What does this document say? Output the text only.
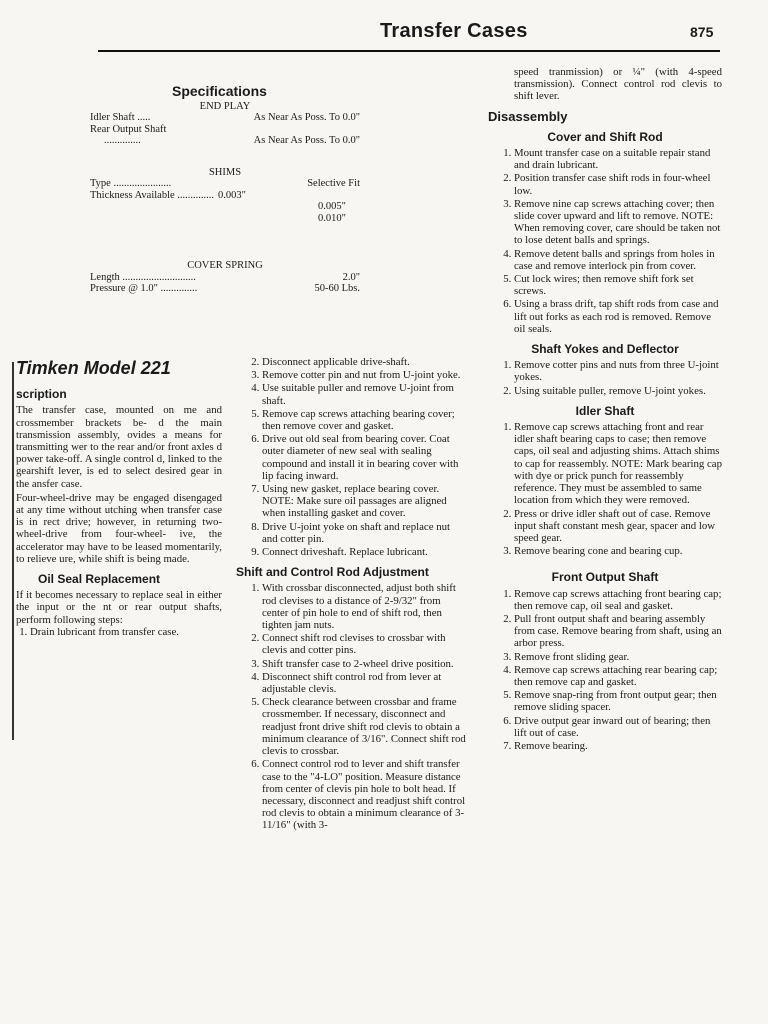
Transfer Cases	875
Specifications

END PLAY

Idler Shaft .....	As Near As Poss. To 0.0"
Rear Output Shaft
..............	As Near As Poss. To 0.0"

SHIMS

Type ......................	Selective Fit
Thickness Available .............. 0.003"
0.005"
0.010"

COVER SPRING

Length ............................	2.0"
Pressure @ 1.0" ..............	50-60 Lbs.

Timken Model 221

scription

The transfer case, mounted on me and crossmember brackets be- d the main transmission assembly, ovides a means for transmitting wer to the rear and/or front axles d power take-off. A single control d, linked to the gearshift lever, is ed to select desired gear in the ansfer case.

Four-wheel-drive may be engaged disengaged at any time without utching when transfer case is in rect drive; however, in returning two-wheel-drive from four-wheel- ive, the accelerator may have to be leased momentarily, to relieve ure, while shift is being made.

Oil Seal Replacement

If it becomes necessary to replace seal in either the input or the nt or rear output shafts, perform following steps:

1. Drain lubricant from transfer case.
2. Disconnect applicable drive-shaft.
3. Remove cotter pin and nut from U-joint yoke.
4. Use suitable puller and remove U-joint from shaft.
5. Remove cap screws attaching bearing cover; then remove cover and gasket.
6. Drive out old seal from bearing cover. Coat outer diameter of new seal with sealing compound and install it in bearing cover with lip facing inward.
7. Using new gasket, replace bearing cover. NOTE: Make sure oil passages are aligned when installing gasket and cover.
8. Drive U-joint yoke on shaft and replace nut and cotter pin.
9. Connect driveshaft. Replace lubricant.
Shift and Control Rod Adjustment
1. With crossbar disconnected, adjust both shift rod clevises to a distance of 2-9/32" from center of pin hole to end of shift rod, then tighten jam nuts.
2. Connect shift rod clevises to crossbar with clevis and cotter pins.
3. Shift transfer case to 2-wheel drive position.
4. Disconnect shift control rod from lever at adjustable clevis.
5. Check clearance between crossbar and frame crossmember. If necessary, disconnect and readjust front drive shift rod clevis to obtain a minimum clearance of 3/16". Connect shift rod clevis to crossbar.
6. Connect control rod to lever and shift transfer case to the "4-LO" position. Measure distance from center of clevis pin hole to bolt head. If necessary, disconnect and readjust shift control rod clevis to obtain a minimum clearance of 3-11/16" (with 3-

speed tranmission) or ¼" (with 4-speed transmission). Connect control rod clevis to shift lever.

Disassembly
Cover and Shift Rod
1. Mount transfer case on a suitable repair stand and drain lubricant.
2. Position transfer case shift rods in four-wheel low.
3. Remove nine cap screws attaching cover; then slide cover upward and lift to remove. NOTE: When removing cover, care should be taken not to lose detent balls and springs.
4. Remove detent balls and springs from holes in case and remove interlock pin from cover.
5. Cut lock wires; then remove shift fork set screws.
6. Using a brass drift, tap shift rods from case and lift out forks as each rod is removed. Remove oil seals.
Shaft Yokes and Deflector
1. Remove cotter pins and nuts from three U-joint yokes.
2. Using suitable puller, remove U-joint yokes.
Idler Shaft
1. Remove cap screws attaching front and rear idler shaft bearing caps to case; then remove caps, oil seal and adjusting shims. Attach shims to cap for reassembly. NOTE: Mark bearing cap with dye or prick punch for reassembly reference. They must be assembled to same location from which they were removed.
2. Press or drive idler shaft out of case. Remove input shaft constant mesh gear, spacer and low speed gear.
3. Remove bearing cone and bearing cup.
Front Output Shaft
1. Remove cap screws attaching front bearing cap; then remove cap, oil seal and gasket.
2. Pull front output shaft and bearing assembly from case. Remove bearing from shaft, using an arbor press.
3. Remove front sliding gear.
4. Remove cap screws attaching rear bearing cap; then remove cap and gasket.
5. Remove snap-ring from front output gear; then remove sliding spacer.
6. Drive output gear inward out of bearing; then lift out of case.
7. Remove bearing.
